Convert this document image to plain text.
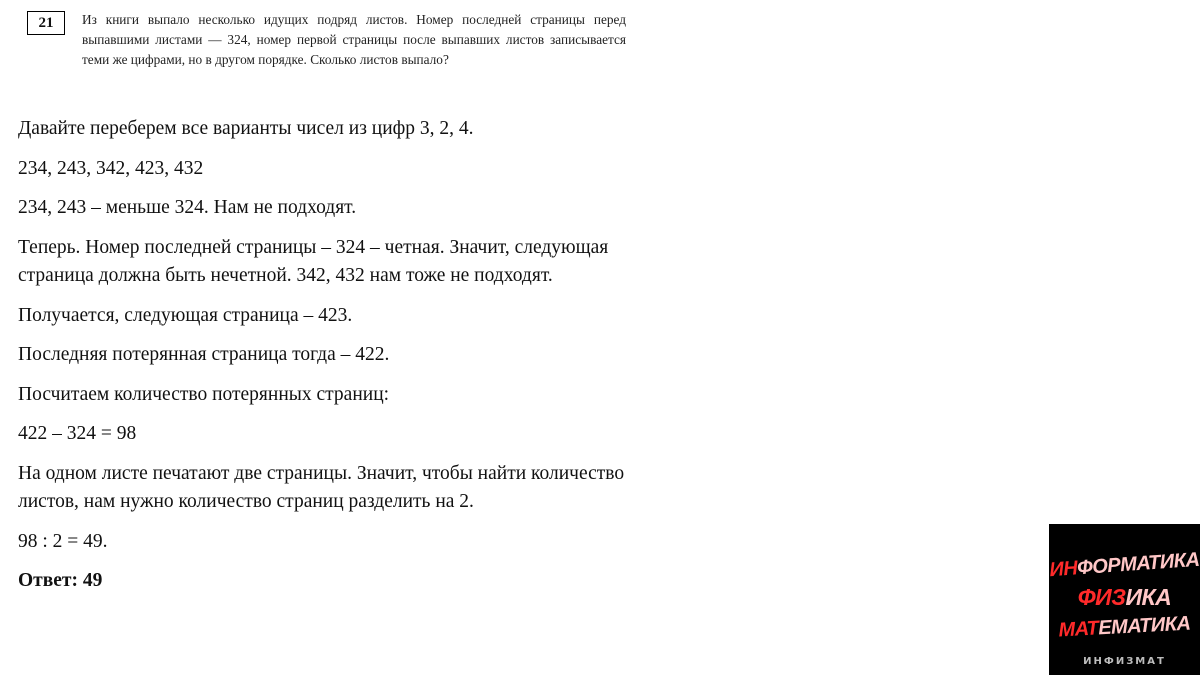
21	Из книги выпало несколько идущих подряд листов. Номер последней страницы перед выпавшими листами — 324, номер первой страницы после выпавших листов записывается теми же цифрами, но в другом порядке. Сколько листов выпало?

Давайте переберем все варианты чисел из цифр 3, 2, 4.

234, 243, 342, 423, 432

234, 243 – меньше 324. Нам не подходят.

Теперь. Номер последней страницы – 324 – четная. Значит, следующая страница должна быть нечетной. 342, 432 нам тоже не подходят.

Получается, следующая страница – 423.

Последняя потерянная страница тогда – 422.

Посчитаем количество потерянных страниц:

422 – 324 = 98

На одном листе печатают две страницы. Значит, чтобы найти количество листов, нам нужно количество страниц разделить на 2.

98 : 2 = 49.

Ответ: 49	ИНФОРМАТИКА
ФИЗИКА
МАТЕМАТИКА
ИНФИЗМАТ
